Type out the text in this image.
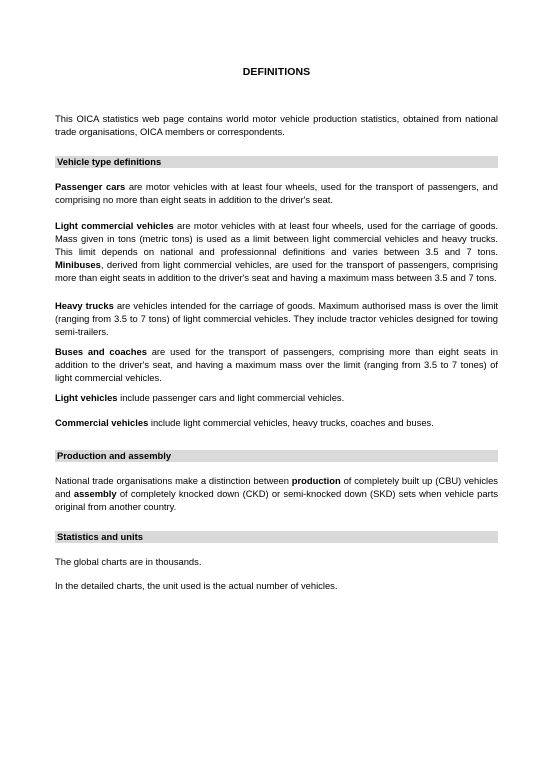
DEFINITIONS

This OICA statistics web page contains world motor vehicle production statistics, obtained from national trade organisations, OICA members or correspondents.

Vehicle type definitions

Passenger cars are motor vehicles with at least four wheels, used for the transport of passengers, and comprising no more than eight seats in addition to the driver's seat.

Light commercial vehicles are motor vehicles with at least four wheels, used for the carriage of goods. Mass given in tons (metric tons) is used as a limit between light commercial vehicles and heavy trucks. This limit depends on national and professionnal definitions and varies between 3.5 and 7 tons. Minibuses, derived from light commercial vehicles, are used for the transport of passengers, comprising more than eight seats in addition to the driver's seat and having a maximum mass between 3.5 and 7 tons.

Heavy trucks are vehicles intended for the carriage of goods. Maximum authorised mass is over the limit (ranging from 3.5 to 7 tons) of light commercial vehicles. They include tractor vehicles designed for towing semi-trailers.

Buses and coaches are used for the transport of passengers, comprising more than eight seats in addition to the driver's seat, and having a maximum mass over the limit (ranging from 3.5 to 7 tones) of light commercial vehicles.

Light vehicles include passenger cars and light commercial vehicles.

Commercial vehicles include light commercial vehicles, heavy trucks, coaches and buses.

Production and assembly

National trade organisations make a distinction between production of completely built up (CBU) vehicles and assembly of completely knocked down (CKD) or semi-knocked down (SKD) sets when vehicle parts original from another country.

Statistics and units

The global charts are in thousands.

In the detailed charts, the unit used is the actual number of vehicles.
